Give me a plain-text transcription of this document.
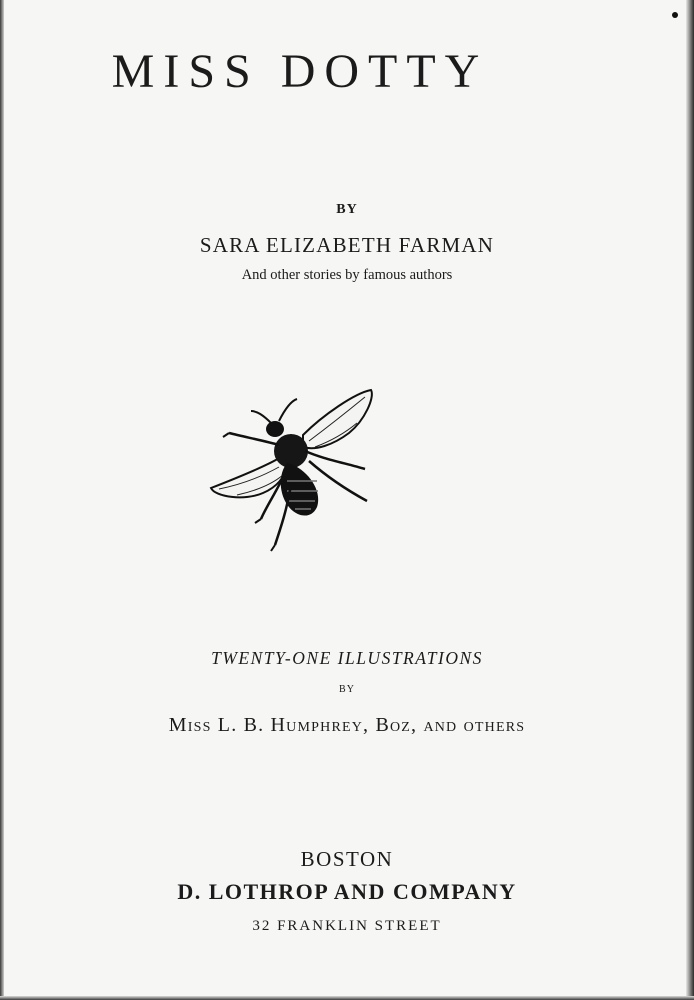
MISS DOTTY
BY
SARA ELIZABETH FARMAN
And other stories by famous authors
TWENTY-ONE ILLUSTRATIONS
BY
Miss L. B. Humphrey, Boz, and others
BOSTON
D. LOTHROP AND COMPANY
32 FRANKLIN STREET
